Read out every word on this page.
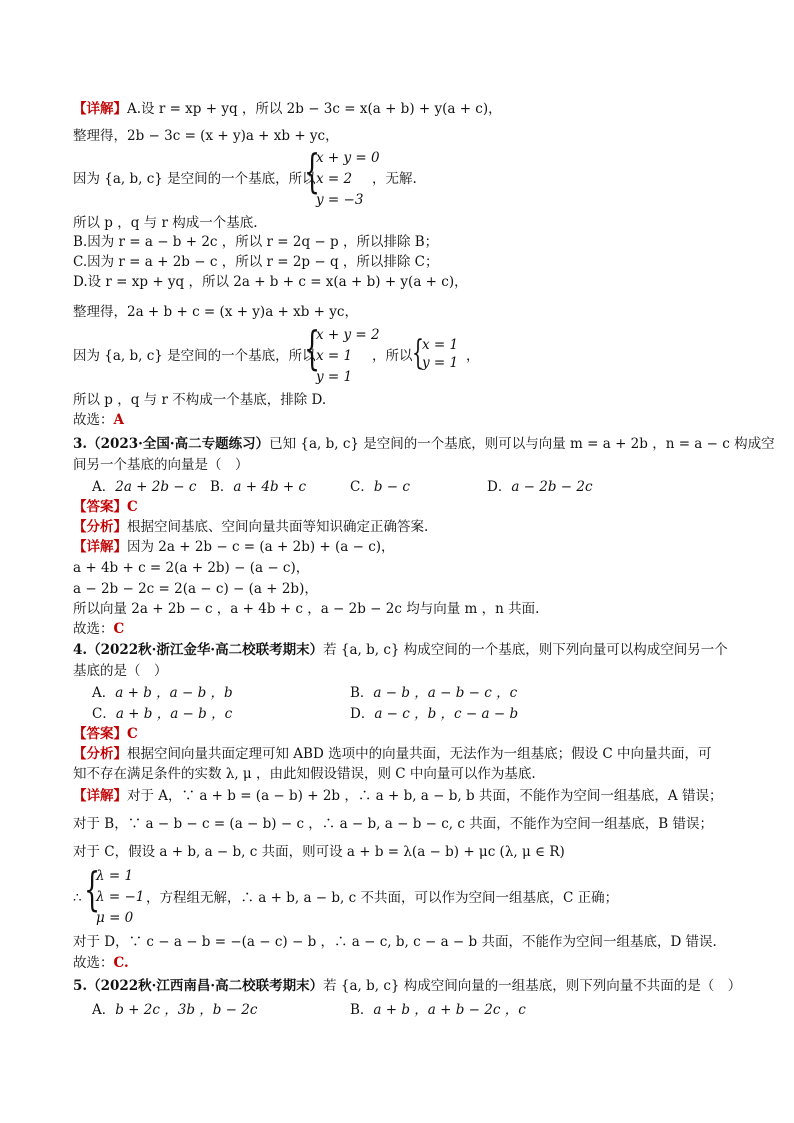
【详解】A.设 r = xp + yq ，所以 2b − 3c = x(a + b) + y(a + c)，
整理得，2b − 3c = (x + y)a + xb + yc，
因为 {a, b, c} 是空间的一个基底，所以
{
x + y = 0
x = 2
y = −3
，无解.
所以 p ，q 与 r 构成一个基底.
B.因为 r = a − b + 2c ，所以 r = 2q − p ，所以排除 B；
C.因为 r = a + 2b − c ，所以 r = 2p − q ，所以排除 C；
D.设 r = xp + yq ，所以 2a + b + c = x(a + b) + y(a + c)，
整理得，2a + b + c = (x + y)a + xb + yc，
因为 {a, b, c} 是空间的一个基底，所以
{
x + y = 2
x = 1
y = 1
，所以 {
x = 1
y = 1 ，
所以 p ，q 与 r 不构成一个基底，排除 D.
故选：A
3.（2023·全国·高二专题练习）已知 {a, b, c} 是空间的一个基底，则可以与向量 m = a + 2b ，n = a − c 构成空
间另一个基底的向量是（　）
A．2a + 2b − c B．a + 4b + c	C．b − c	D．a − 2b − 2c
【答案】C
【分析】根据空间基底、空间向量共面等知识确定正确答案.
【详解】因为 2a + 2b − c = (a + 2b) + (a − c)，
a + 4b + c = 2(a + 2b) − (a − c)，
a − 2b − 2c = 2(a − c) − (a + 2b)，
所以向量 2a + 2b − c ，a + 4b + c ，a − 2b − 2c 均与向量 m ，n 共面.
故选：C
4.（2022秋·浙江金华·高二校联考期末）若 {a, b, c} 构成空间的一个基底，则下列向量可以构成空间另一个
基底的是（　）
A．a + b ，a − b ，b	B．a − b ，a − b − c ，c
C．a + b ，a − b ，c	D．a − c ，b ，c − a − b
【答案】C
【分析】根据空间向量共面定理可知 ABD 选项中的向量共面，无法作为一组基底；假设 C 中向量共面，可
知不存在满足条件的实数 λ, μ ，由此知假设错误，则 C 中向量可以作为基底.
【详解】对于 A，∵ a + b = (a − b) + 2b ，∴ a + b, a − b, b 共面，不能作为空间一组基底，A 错误；
对于 B，∵ a − b − c = (a − b) − c ，∴ a − b, a − b − c, c 共面，不能作为空间一组基底，B 错误；
对于 C，假设 a + b, a − b, c 共面，则可设 a + b = λ(a − b) + μc (λ, μ ∈ R)
∴ {
λ = 1
λ = −1
μ = 0
，方程组无解，∴ a + b, a − b, c 不共面，可以作为空间一组基底，C 正确；
对于 D，∵ c − a − b = −(a − c) − b ，∴ a − c, b, c − a − b 共面，不能作为空间一组基底，D 错误.
故选：C.
5.（2022秋·江西南昌·高二校联考期末）若 {a, b, c} 构成空间向量的一组基底，则下列向量不共面的是（　）
A．b + 2c ，3b ，b − 2c	B．a + b ，a + b − 2c ，c
